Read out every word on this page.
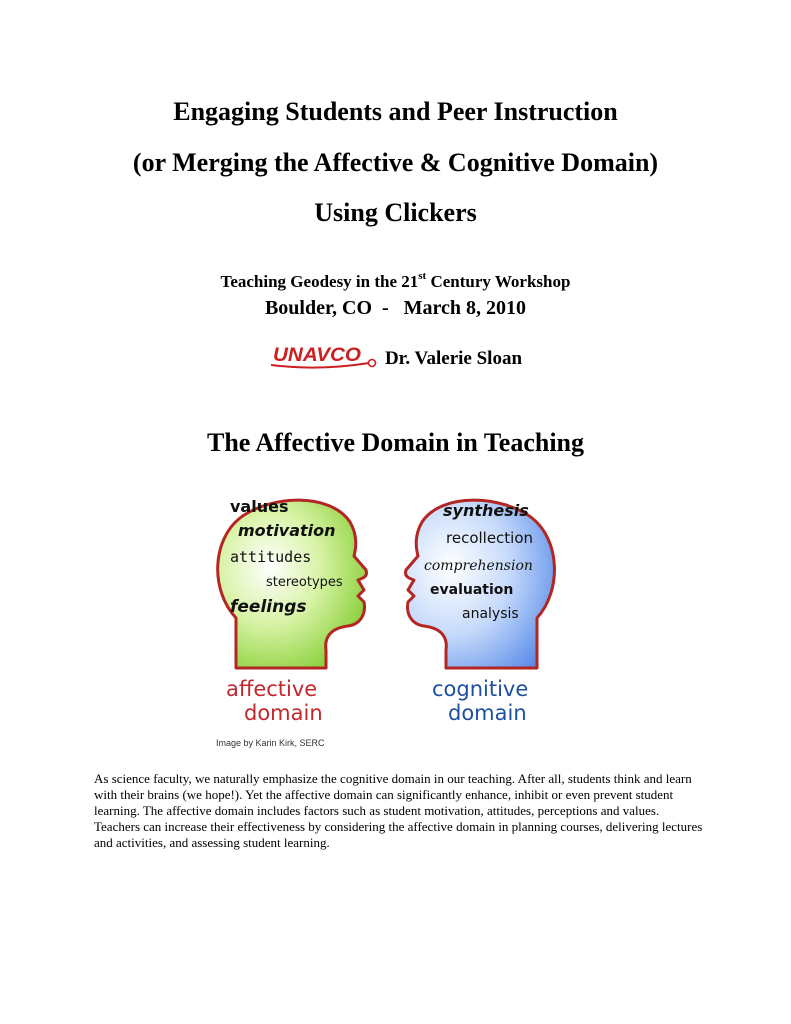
Engaging Students and Peer Instruction
(or Merging the Affective & Cognitive Domain)
Using Clickers
Teaching Geodesy in the 21st Century Workshop
Boulder, CO  -   March 8, 2010
UNAVCO Dr. Valerie Sloan
The Affective Domain in Teaching
values
motivation
attitudes
stereotypes
feelings
synthesis
recollection
comprehension
evaluation
analysis
affective
domain
cognitive
domain
Image by Karin Kirk, SERC

As science faculty, we naturally emphasize the cognitive domain in our teaching. After all, students think and learn with their brains (we hope!). Yet the affective domain can significantly enhance, inhibit or even prevent student learning. The affective domain includes factors such as student motivation, attitudes, perceptions and values. Teachers can increase their effectiveness by considering the affective domain in planning courses, delivering lectures and activities, and assessing student learning.
